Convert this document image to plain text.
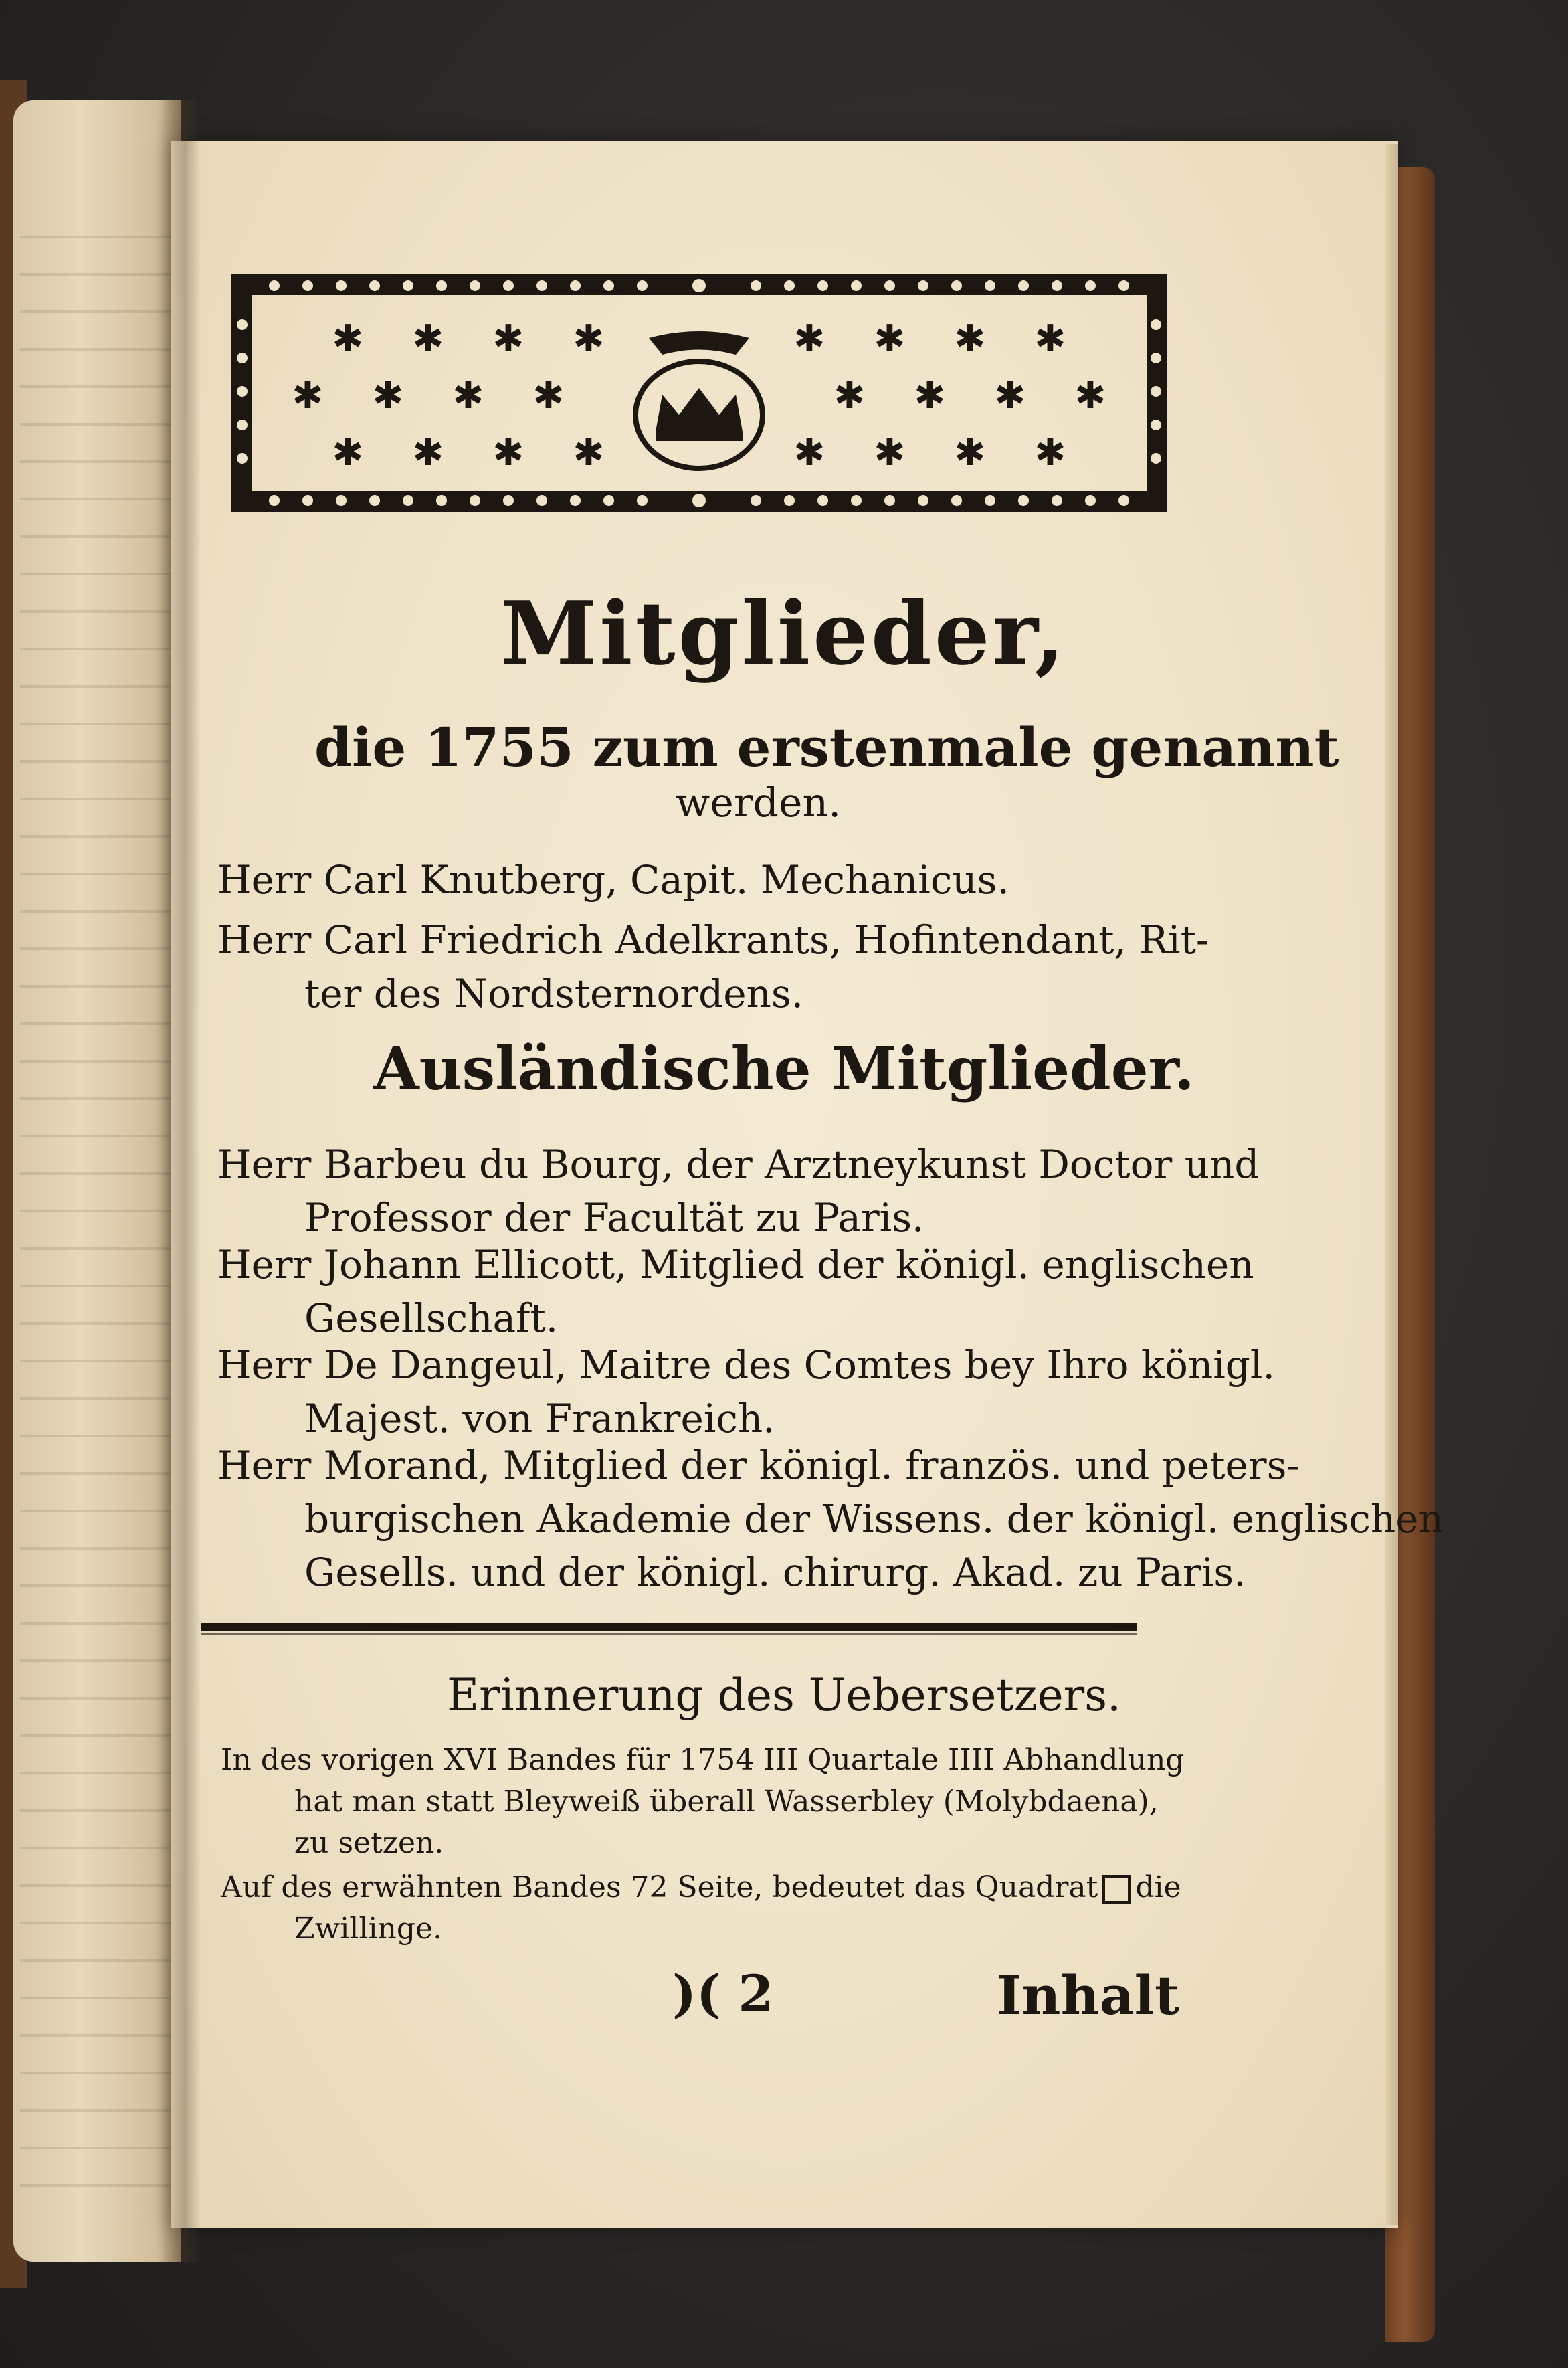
✱ ✱ ✱ ✱	✱ ✱ ✱ ✱
✱ ✱ ✱ ✱	✱ ✱ ✱ ✱
✱ ✱ ✱ ✱	✱ ✱ ✱ ✱
Mitglieder,
die 1755 zum erstenmale genannt
werden.
Herr Carl Knutberg, Capit. Mechanicus.
Herr Carl Friedrich Adelkrants, Hofintendant, Rit-
ter des Nordsternordens.
Ausländische Mitglieder.
Herr Barbeu du Bourg, der Arztneykunst Doctor und
Professor der Facultät zu Paris.
Herr Johann Ellicott, Mitglied der königl. englischen
Gesellschaft.
Herr De Dangeul, Maitre des Comtes bey Ihro königl.
Majest. von Frankreich.
Herr Morand, Mitglied der königl. französ. und peters-
burgischen Akademie der Wissens. der königl. englischen
Gesells. und der königl. chirurg. Akad. zu Paris.
Erinnerung des Uebersetzers.
In des vorigen XVI Bandes für 1754 III Quartale IIII Abhandlung
hat man statt Bleyweiß überall Wasserbley (Molybdaena),
zu setzen.
Auf des erwähnten Bandes 72 Seite, bedeutet das Quadrat die
Zwillinge.
)( 2	Inhalt
